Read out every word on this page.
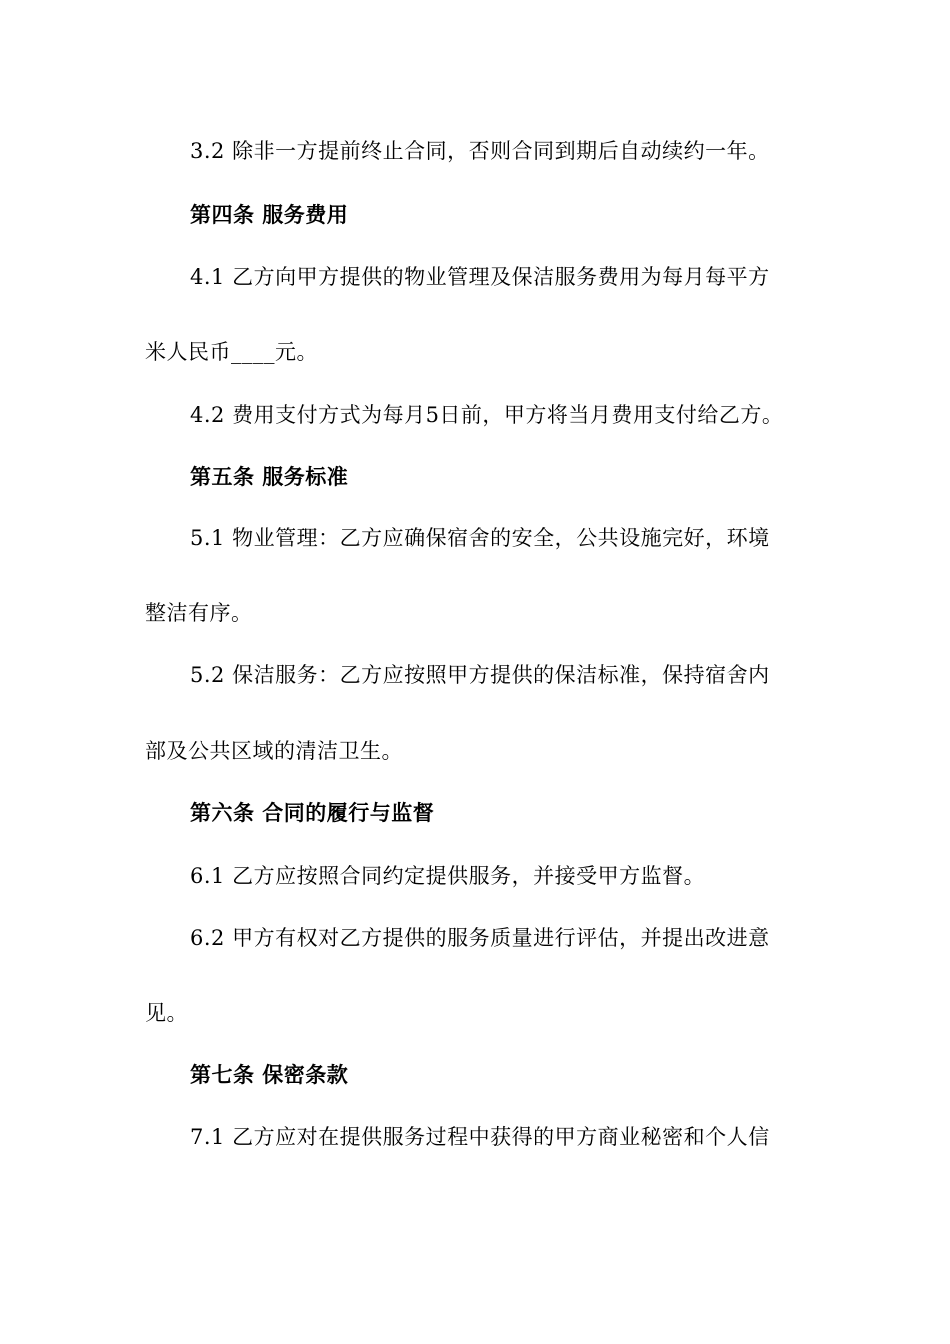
3.2 除非一方提前终止合同，否则合同到期后自动续约一年。
第四条 服务费用
4.1 乙方向甲方提供的物业管理及保洁服务费用为每月每平方
米人民币____元。
4.2 费用支付方式为每月5日前，甲方将当月费用支付给乙方。
第五条 服务标准
5.1 物业管理：乙方应确保宿舍的安全，公共设施完好，环境
整洁有序。
5.2 保洁服务：乙方应按照甲方提供的保洁标准，保持宿舍内
部及公共区域的清洁卫生。
第六条 合同的履行与监督
6.1 乙方应按照合同约定提供服务，并接受甲方监督。
6.2 甲方有权对乙方提供的服务质量进行评估，并提出改进意
见。
第七条 保密条款
7.1 乙方应对在提供服务过程中获得的甲方商业秘密和个人信
